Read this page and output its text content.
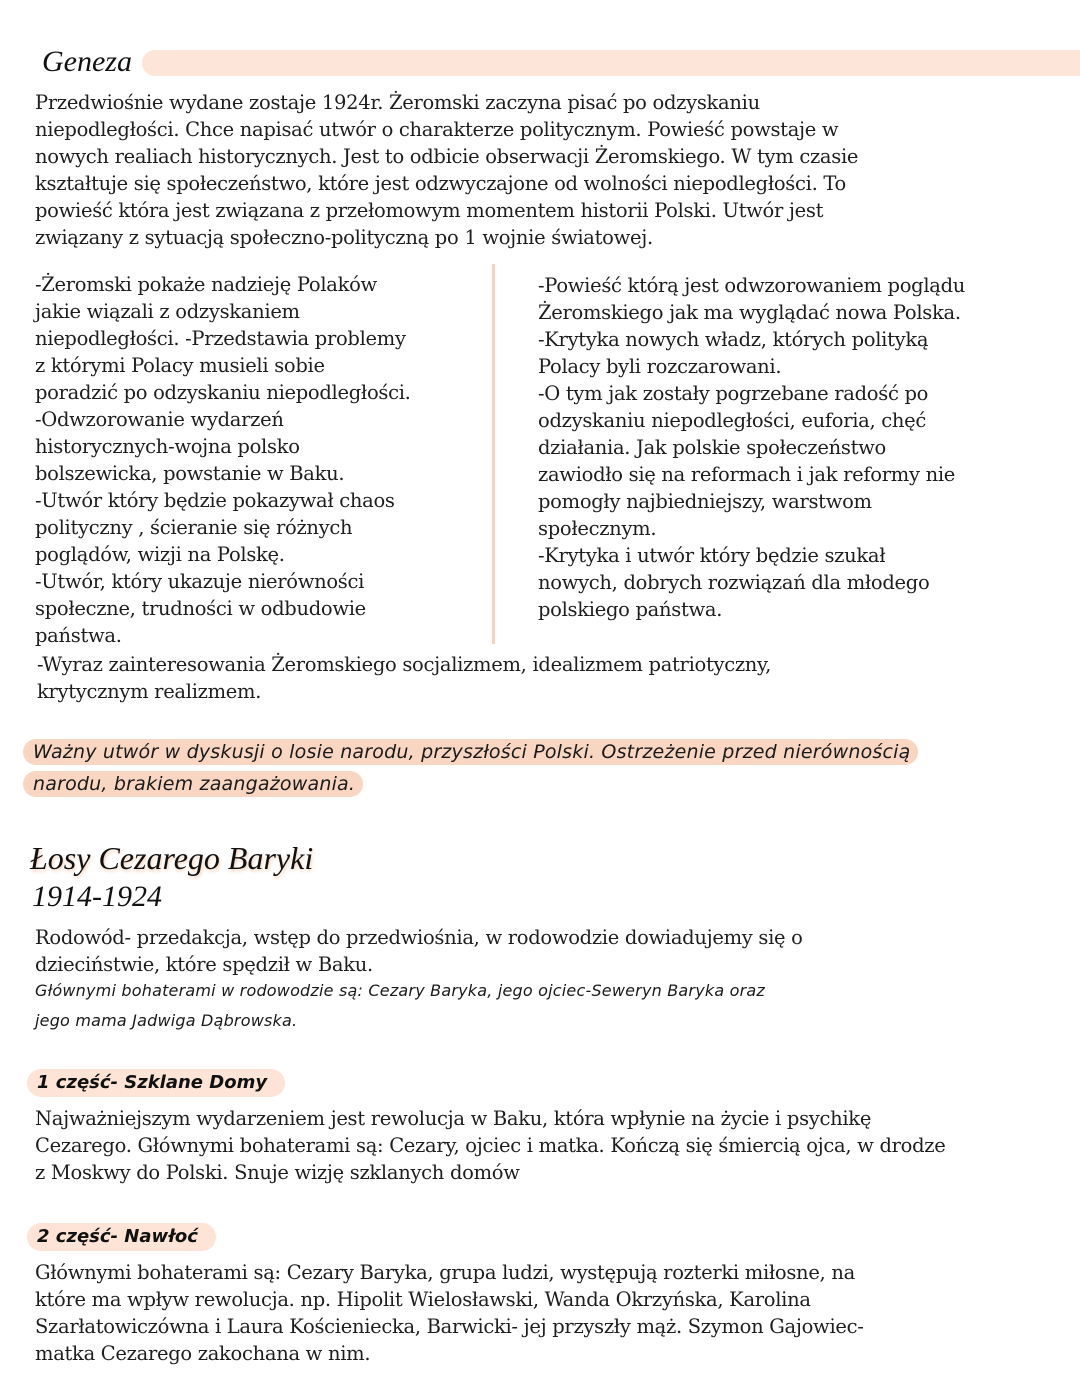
Geneza
Przedwiośnie wydane zostaje 1924r. Żeromski zaczyna pisać po odzyskaniu
niepodległości. Chce napisać utwór o charakterze politycznym. Powieść powstaje w
nowych realiach historycznych. Jest to odbicie obserwacji Żeromskiego. W tym czasie
kształtuje się społeczeństwo, które jest odzwyczajone od wolności niepodległości. To
powieść która jest związana z przełomowym momentem historii Polski. Utwór jest
związany z sytuacją społeczno-polityczną po 1 wojnie światowej.
-Żeromski pokaże nadzieję Polaków
jakie wiązali z odzyskaniem
niepodległości. -Przedstawia problemy
z którymi Polacy musieli sobie
poradzić po odzyskaniu niepodległości.
-Odwzorowanie wydarzeń
historycznych-wojna polsko
bolszewicka, powstanie w Baku.
-Utwór który będzie pokazywał chaos
polityczny , ścieranie się różnych
poglądów, wizji na Polskę.
-Utwór, który ukazuje nierówności
społeczne, trudności w odbudowie
państwa.
-Powieść którą jest odwzorowaniem poglądu
Żeromskiego jak ma wyglądać nowa Polska.
-Krytyka nowych władz, których polityką
Polacy byli rozczarowani.
-O tym jak zostały pogrzebane radość po
odzyskaniu niepodległości, euforia, chęć
działania. Jak polskie społeczeństwo
zawiodło się na reformach i jak reformy nie
pomogły najbiedniejszy, warstwom
społecznym.
-Krytyka i utwór który będzie szukał
nowych, dobrych rozwiązań dla młodego
polskiego państwa.
-Wyraz zainteresowania Żeromskiego socjalizmem, idealizmem patriotyczny,
krytycznym realizmem.
Ważny utwór w dyskusji o losie narodu, przyszłości Polski. Ostrzeżenie przed nierównością
narodu, brakiem zaangażowania.
Łosy Cezarego Baryki
1914-1924
Rodowód- przedakcja, wstęp do przedwiośnia, w rodowodzie dowiadujemy się o
dzieciństwie, które spędził w Baku.
Głównymi bohaterami w rodowodzie są: Cezary Baryka, jego ojciec-Seweryn Baryka oraz
jego mama Jadwiga Dąbrowska.
1 część- Szklane Domy
Najważniejszym wydarzeniem jest rewolucja w Baku, która wpłynie na życie i psychikę
Cezarego. Głównymi bohaterami są: Cezary, ojciec i matka. Kończą się śmiercią ojca, w drodze
z Moskwy do Polski. Snuje wizję szklanych domów
2 część- Nawłoć
Głównymi bohaterami są: Cezary Baryka, grupa ludzi, występują rozterki miłosne, na
które ma wpływ rewolucja. np. Hipolit Wielosławski, Wanda Okrzyńska, Karolina
Szarłatowiczówna i Laura Kościeniecka, Barwicki- jej przyszły mąż. Szymon Gajowiec-
matka Cezarego zakochana w nim.
